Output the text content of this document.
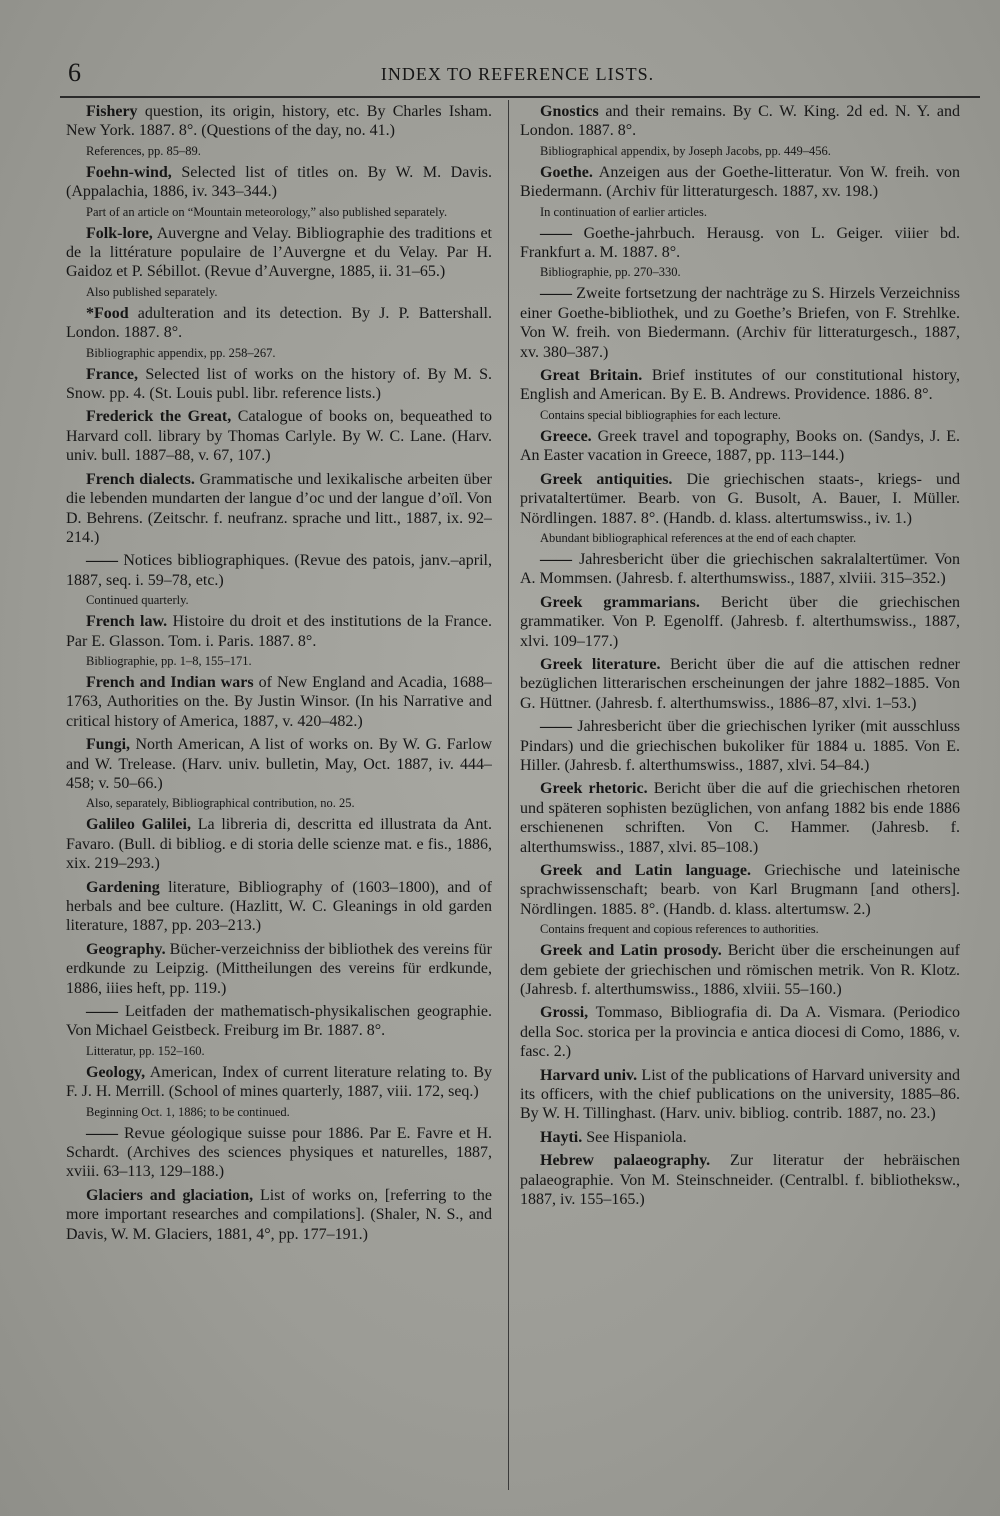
6	INDEX TO REFERENCE LISTS.

Fishery question, its origin, history, etc. By Charles Isham. New York. 1887. 8°. (Questions of the day, no. 41.)

References, pp. 85–89.

Foehn-wind, Selected list of titles on. By W. M. Davis. (Appalachia, 1886, iv. 343–344.)

Part of an article on “Mountain meteorology,” also published separately.

Folk-lore, Auvergne and Velay. Bibliographie des traditions et de la littérature populaire de l’Auvergne et du Velay. Par H. Gaidoz et P. Sébillot. (Revue d’Auvergne, 1885, ii. 31–65.)

Also published separately.

*Food adulteration and its detection. By J. P. Battershall. London. 1887. 8°.

Bibliographic appendix, pp. 258–267.

France, Selected list of works on the history of. By M. S. Snow. pp. 4. (St. Louis publ. libr. reference lists.)

Frederick the Great, Catalogue of books on, bequeathed to Harvard coll. library by Thomas Carlyle. By W. C. Lane. (Harv. univ. bull. 1887–88, v. 67, 107.)

French dialects. Grammatische und lexikalische arbeiten über die lebenden mundarten der langue d’oc und der langue d’oïl. Von D. Behrens. (Zeitschr. f. neufranz. sprache und litt., 1887, ix. 92–214.)

—— Notices bibliographiques. (Revue des patois, janv.–april, 1887, seq. i. 59–78, etc.)

Continued quarterly.

French law. Histoire du droit et des institutions de la France. Par E. Glasson. Tom. i. Paris. 1887. 8°.

Bibliographie, pp. 1–8, 155–171.

French and Indian wars of New England and Acadia, 1688–1763, Authorities on the. By Justin Winsor. (In his Narrative and critical history of America, 1887, v. 420–482.)

Fungi, North American, A list of works on. By W. G. Farlow and W. Trelease. (Harv. univ. bulletin, May, Oct. 1887, iv. 444–458; v. 50–66.)

Also, separately, Bibliographical contribution, no. 25.

Galileo Galilei, La libreria di, descritta ed illustrata da Ant. Favaro. (Bull. di bibliog. e di storia delle scienze mat. e fis., 1886, xix. 219–293.)

Gardening literature, Bibliography of (1603–1800), and of herbals and bee culture. (Hazlitt, W. C. Gleanings in old garden literature, 1887, pp. 203–213.)

Geography. Bücher-verzeichniss der bibliothek des vereins für erdkunde zu Leipzig. (Mittheilungen des vereins für erdkunde, 1886, iiies heft, pp. 119.)

—— Leitfaden der mathematisch-physikalischen geographie. Von Michael Geistbeck. Freiburg im Br. 1887. 8°.

Litteratur, pp. 152–160.

Geology, American, Index of current literature relating to. By F. J. H. Merrill. (School of mines quarterly, 1887, viii. 172, seq.)

Beginning Oct. 1, 1886; to be continued.

—— Revue géologique suisse pour 1886. Par E. Favre et H. Schardt. (Archives des sciences physiques et naturelles, 1887, xviii. 63–113, 129–188.)

Glaciers and glaciation, List of works on, [referring to the more important researches and compilations]. (Shaler, N. S., and Davis, W. M. Glaciers, 1881, 4°, pp. 177–191.)

Gnostics and their remains. By C. W. King. 2d ed. N. Y. and London. 1887. 8°.

Bibliographical appendix, by Joseph Jacobs, pp. 449–456.

Goethe. Anzeigen aus der Goethe-litteratur. Von W. freih. von Biedermann. (Archiv für litteraturgesch. 1887, xv. 198.)

In continuation of earlier articles.

—— Goethe-jahrbuch. Herausg. von L. Geiger. viiier bd. Frankfurt a. M. 1887. 8°.

Bibliographie, pp. 270–330.

—— Zweite fortsetzung der nachträge zu S. Hirzels Verzeichniss einer Goethe-bibliothek, und zu Goethe’s Briefen, von F. Strehlke. Von W. freih. von Biedermann. (Archiv für litteraturgesch., 1887, xv. 380–387.)

Great Britain. Brief institutes of our constitutional history, English and American. By E. B. Andrews. Providence. 1886. 8°.

Contains special bibliographies for each lecture.

Greece. Greek travel and topography, Books on. (Sandys, J. E. An Easter vacation in Greece, 1887, pp. 113–144.)

Greek antiquities. Die griechischen staats-, kriegs- und privataltertümer. Bearb. von G. Busolt, A. Bauer, I. Müller. Nördlingen. 1887. 8°. (Handb. d. klass. altertumswiss., iv. 1.)

Abundant bibliographical references at the end of each chapter.

—— Jahresbericht über die griechischen sakralaltertümer. Von A. Mommsen. (Jahresb. f. alterthumswiss., 1887, xlviii. 315–352.)

Greek grammarians. Bericht über die griechischen grammatiker. Von P. Egenolff. (Jahresb. f. alterthumswiss., 1887, xlvi. 109–177.)

Greek literature. Bericht über die auf die attischen redner bezüglichen litterarischen erscheinungen der jahre 1882–1885. Von G. Hüttner. (Jahresb. f. alterthumswiss., 1886–87, xlvi. 1–53.)

—— Jahresbericht über die griechischen lyriker (mit ausschluss Pindars) und die griechischen bukoliker für 1884 u. 1885. Von E. Hiller. (Jahresb. f. alterthumswiss., 1887, xlvi. 54–84.)

Greek rhetoric. Bericht über die auf die griechischen rhetoren und späteren sophisten bezüglichen, von anfang 1882 bis ende 1886 erschienenen schriften. Von C. Hammer. (Jahresb. f. alterthumswiss., 1887, xlvi. 85–108.)

Greek and Latin language. Griechische und lateinische sprachwissenschaft; bearb. von Karl Brugmann [and others]. Nördlingen. 1885. 8°. (Handb. d. klass. altertumsw. 2.)

Contains frequent and copious references to authorities.

Greek and Latin prosody. Bericht über die erscheinungen auf dem gebiete der griechischen und römischen metrik. Von R. Klotz. (Jahresb. f. alterthumswiss., 1886, xlviii. 55–160.)

Grossi, Tommaso, Bibliografia di. Da A. Vismara. (Periodico della Soc. storica per la provincia e antica diocesi di Como, 1886, v. fasc. 2.)

Harvard univ. List of the publications of Harvard university and its officers, with the chief publications on the university, 1885–86. By W. H. Tillinghast. (Harv. univ. bibliog. contrib. 1887, no. 23.)

Hayti. See Hispaniola.

Hebrew palaeography. Zur literatur der hebräischen palaeographie. Von M. Steinschneider. (Centralbl. f. bibliotheksw., 1887, iv. 155–165.)
